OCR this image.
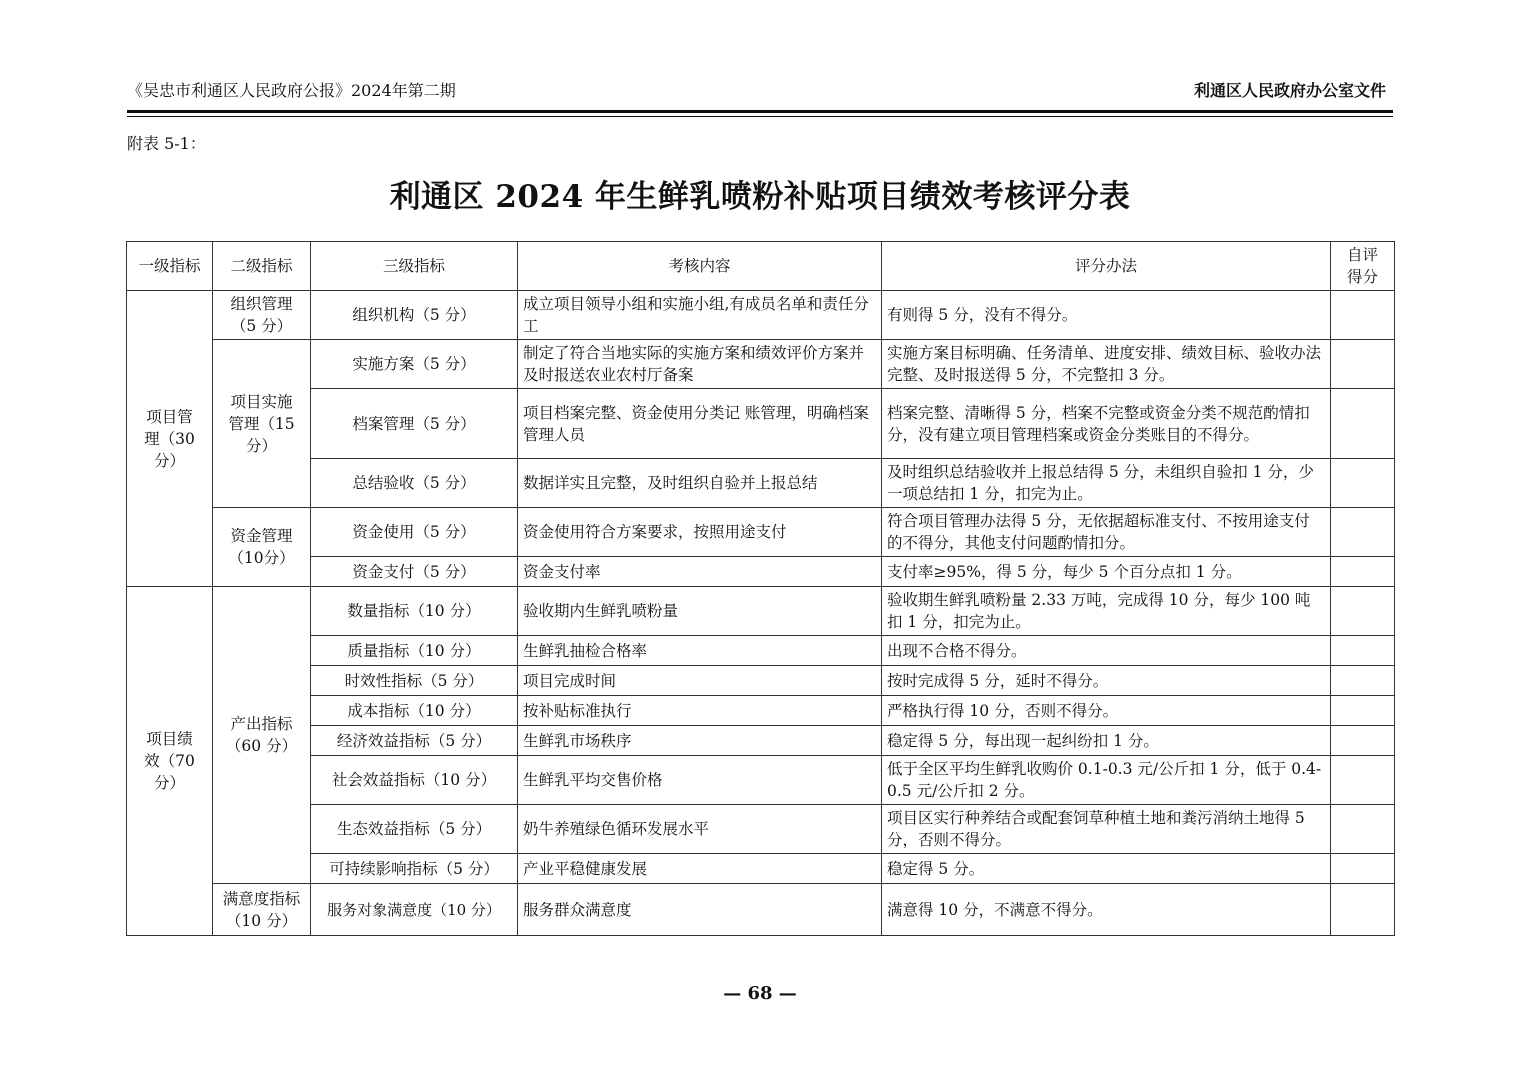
《吴忠市利通区人民政府公报》2024年第二期	利通区人民政府办公室文件
附表 5-1：
利通区 2024 年生鲜乳喷粉补贴项目绩效考核评分表
一级指标	二级指标	三级指标	考核内容	评分办法	自评得分
项目管理（30分）	组织管理（5 分）	组织机构（5 分）	成立项目领导小组和实施小组,有成员名单和责任分工	有则得 5 分，没有不得分。	
	项目实施管理（15 分）	实施方案（5 分）	制定了符合当地实际的实施方案和绩效评价方案并及时报送农业农村厅备案	实施方案目标明确、任务清单、进度安排、绩效目标、验收办法完整、及时报送得 5 分，不完整扣 3 分。	
		档案管理（5 分）	项目档案完整、资金使用分类记 账管理，明确档案管理人员	档案完整、清晰得 5 分，档案不完整或资金分类不规范酌情扣分，没有建立项目管理档案或资金分类账目的不得分。	
		总结验收（5 分）	数据详实且完整，及时组织自验并上报总结	及时组织总结验收并上报总结得 5 分，未组织自验扣 1 分，少一项总结扣 1 分，扣完为止。	
	资金管理（10分）	资金使用（5 分）	资金使用符合方案要求，按照用途支付	符合项目管理办法得 5 分，无依据超标准支付、不按用途支付的不得分，其他支付问题酌情扣分。	
		资金支付（5 分）	资金支付率	支付率≥95%，得 5 分，每少 5 个百分点扣 1 分。	
项目绩效（70分）	产出指标（60 分）	数量指标（10 分）	验收期内生鲜乳喷粉量	验收期生鲜乳喷粉量 2.33 万吨，完成得 10 分，每少 100 吨扣 1 分，扣完为止。	
		质量指标（10 分）	生鲜乳抽检合格率	出现不合格不得分。	
		时效性指标（5 分）	项目完成时间	按时完成得 5 分，延时不得分。	
		成本指标（10 分）	按补贴标准执行	严格执行得 10 分，否则不得分。	
		经济效益指标（5 分）	生鲜乳市场秩序	稳定得 5 分，每出现一起纠纷扣 1 分。	
		社会效益指标（10 分）	生鲜乳平均交售价格	低于全区平均生鲜乳收购价 0.1-0.3 元/公斤扣 1 分，低于 0.4-0.5 元/公斤扣 2 分。	
		生态效益指标（5 分）	奶牛养殖绿色循环发展水平	项目区实行种养结合或配套饲草种植土地和粪污消纳土地得 5 分，否则不得分。	
		可持续影响指标（5 分）	产业平稳健康发展	稳定得 5 分。	
	满意度指标（10 分）	服务对象满意度（10 分）	服务群众满意度	满意得 10 分，不满意不得分。	
— 68 —
